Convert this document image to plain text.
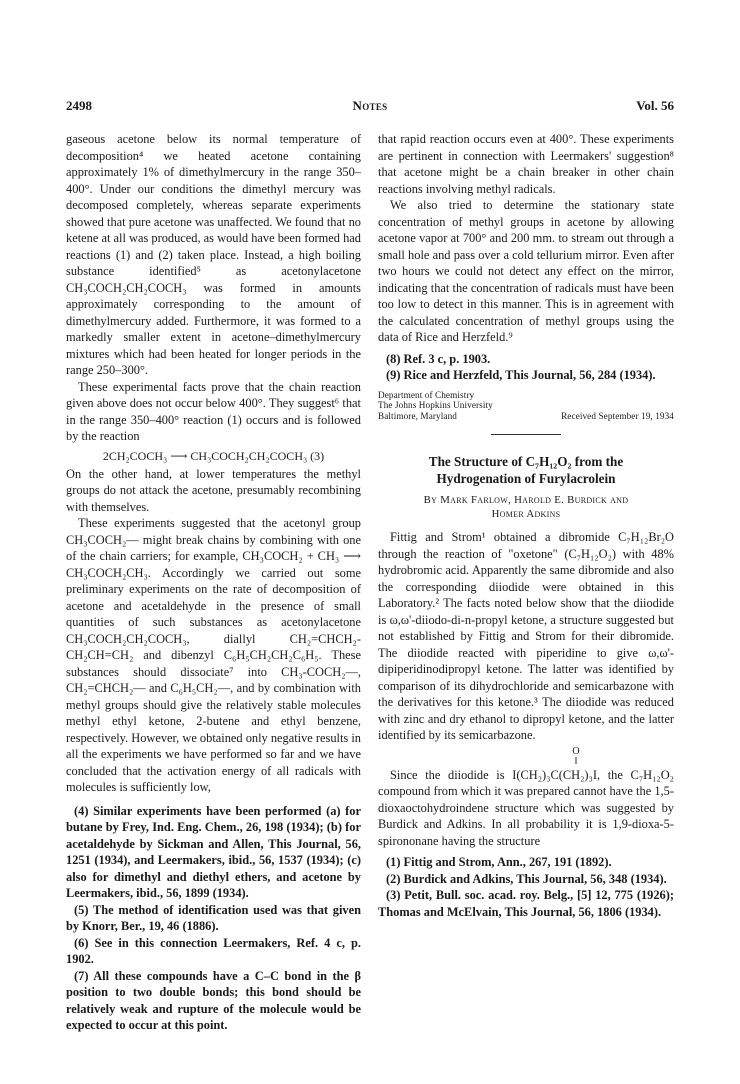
2498	Notes	Vol. 56

gaseous acetone below its normal temperature of decomposition⁴ we heated acetone containing approximately 1% of dimethylmercury in the range 350–400°. Under our conditions the dimethyl mercury was decomposed completely, whereas separate experiments showed that pure acetone was unaffected. We found that no ketene at all was produced, as would have been formed had reactions (1) and (2) taken place. Instead, a high boiling substance identified⁵ as acetonylacetone CH₃COCH₂CH₂COCH₃ was formed in amounts approximately corresponding to the amount of dimethylmercury added. Furthermore, it was formed to a markedly smaller extent in acetone–dimethylmercury mixtures which had been heated for longer periods in the range 250–300°.

These experimental facts prove that the chain reaction given above does not occur below 400°. They suggest⁶ that in the range 350–400° reaction (1) occurs and is followed by the reaction

2CH₂COCH₃ ⟶ CH₃COCH₂CH₂COCH₃ (3)

On the other hand, at lower temperatures the methyl groups do not attack the acetone, presumably recombining with themselves.

These experiments suggested that the acetonyl group CH₃COCH₂— might break chains by combining with one of the chain carriers; for example, CH₃COCH₂ + CH₃ ⟶ CH₃COCH₂CH₃. Accordingly we carried out some preliminary experiments on the rate of decomposition of acetone and acetaldehyde in the presence of small quantities of such substances as acetonylacetone CH₃COCH₂CH₂COCH₃, diallyl CH₂=CHCH₂-CH₂CH=CH₂ and dibenzyl C₆H₅CH₂CH₂C₆H₅. These substances should dissociate⁷ into CH₃-COCH₂—, CH₂=CHCH₂— and C₆H₅CH₂—, and by combination with methyl groups should give the relatively stable molecules methyl ethyl ketone, 2-butene and ethyl benzene, respectively. However, we obtained only negative results in all the experiments we have performed so far and we have concluded that the activation energy of all radicals with molecules is sufficiently low,

(4) Similar experiments have been performed (a) for butane by Frey, Ind. Eng. Chem., 26, 198 (1934); (b) for acetaldehyde by Sickman and Allen, This Journal, 56, 1251 (1934), and Leermakers, ibid., 56, 1537 (1934); (c) also for dimethyl and diethyl ethers, and acetone by Leermakers, ibid., 56, 1899 (1934).

(5) The method of identification used was that given by Knorr, Ber., 19, 46 (1886).

(6) See in this connection Leermakers, Ref. 4 c, p. 1902.

(7) All these compounds have a C–C bond in the β position to two double bonds; this bond should be relatively weak and rupture of the molecule would be expected to occur at this point.

that rapid reaction occurs even at 400°. These experiments are pertinent in connection with Leermakers' suggestion⁸ that acetone might be a chain breaker in other chain reactions involving methyl radicals.

We also tried to determine the stationary state concentration of methyl groups in acetone by allowing acetone vapor at 700° and 200 mm. to stream out through a small hole and pass over a cold tellurium mirror. Even after two hours we could not detect any effect on the mirror, indicating that the concentration of radicals must have been too low to detect in this manner. This is in agreement with the calculated concentration of methyl groups using the data of Rice and Herzfeld.⁹

(8) Ref. 3 c, p. 1903.

(9) Rice and Herzfeld, This Journal, 56, 284 (1934).

Department of Chemistry
The Johns Hopkins University
Baltimore, Maryland	Received September 19, 1934
The Structure of C₇H₁₂O₂ from the
Hydrogenation of Furylacrolein
By Mark Farlow, Harold E. Burdick and
Homer Adkins

Fittig and Strom¹ obtained a dibromide C₇H₁₂Br₂O through the reaction of "oxetone" (C₇H₁₂O₂) with 48% hydrobromic acid. Apparently the same dibromide and also the corresponding diiodide were obtained in this Laboratory.² The facts noted below show that the diiodide is ω,ω'-diiodo-di-n-propyl ketone, a structure suggested but not established by Fittig and Strom for their dibromide. The diiodide reacted with piperidine to give ω,ω'-dipiperidinodipropyl ketone. The latter was identified by comparison of its dihydrochloride and semicarbazone with the derivatives for this ketone.³ The diiodide was reduced with zinc and dry ethanol to dipropyl ketone, and the latter identified by its semicarbazone.

O
‖

Since the diiodide is I(CH₂)₃C(CH₂)₃I, the C₇H₁₂O₂ compound from which it was prepared cannot have the 1,5-dioxaoctohydroindene structure which was suggested by Burdick and Adkins. In all probability it is 1,9-dioxa-5-spirononane having the structure

(1) Fittig and Strom, Ann., 267, 191 (1892).

(2) Burdick and Adkins, This Journal, 56, 348 (1934).

(3) Petit, Bull. soc. acad. roy. Belg., [5] 12, 775 (1926); Thomas and McElvain, This Journal, 56, 1806 (1934).
